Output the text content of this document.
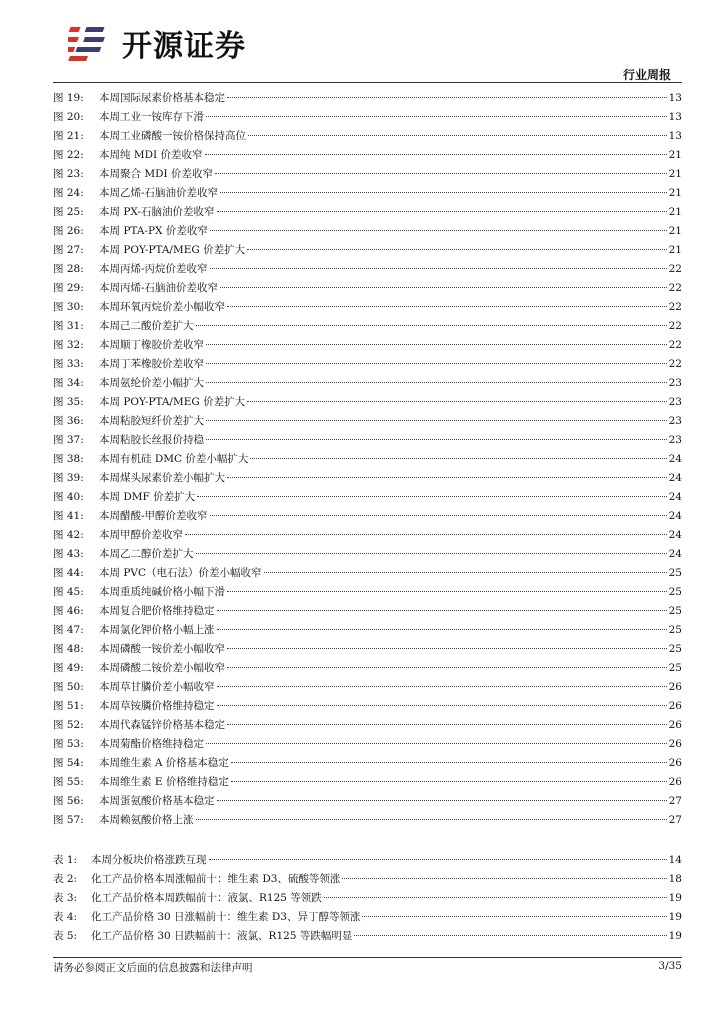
开源证券
行业周报
图 19:	本周国际尿素价格基本稳定	13
图 20:	本周工业一铵库存下滑	13
图 21:	本周工业磷酸一铵价格保持高位	13
图 22:	本周纯 MDI 价差收窄	21
图 23:	本周聚合 MDI 价差收窄	21
图 24:	本周乙烯-石脑油价差收窄	21
图 25:	本周 PX-石脑油价差收窄	21
图 26:	本周 PTA-PX 价差收窄	21
图 27:	本周 POY-PTA/MEG 价差扩大	21
图 28:	本周丙烯-丙烷价差收窄	22
图 29:	本周丙烯-石脑油价差收窄	22
图 30:	本周环氧丙烷价差小幅收窄	22
图 31:	本周己二酸价差扩大	22
图 32:	本周顺丁橡胶价差收窄	22
图 33:	本周丁苯橡胶价差收窄	22
图 34:	本周氨纶价差小幅扩大	23
图 35:	本周 POY-PTA/MEG 价差扩大	23
图 36:	本周粘胶短纤价差扩大	23
图 37:	本周粘胶长丝报价持稳	23
图 38:	本周有机硅 DMC 价差小幅扩大	24
图 39:	本周煤头尿素价差小幅扩大	24
图 40:	本周 DMF 价差扩大	24
图 41:	本周醋酸-甲醇价差收窄	24
图 42:	本周甲醇价差收窄	24
图 43:	本周乙二醇价差扩大	24
图 44:	本周 PVC（电石法）价差小幅收窄	25
图 45:	本周重质纯碱价格小幅下滑	25
图 46:	本周复合肥价格维持稳定	25
图 47:	本周氯化钾价格小幅上涨	25
图 48:	本周磷酸一铵价差小幅收窄	25
图 49:	本周磷酸二铵价差小幅收窄	25
图 50:	本周草甘膦价差小幅收窄	26
图 51:	本周草铵膦价格维持稳定	26
图 52:	本周代森锰锌价格基本稳定	26
图 53:	本周菊酯价格维持稳定	26
图 54:	本周维生素 A 价格基本稳定	26
图 55:	本周维生素 E 价格维持稳定	26
图 56:	本周蛋氨酸价格基本稳定	27
图 57:	本周赖氨酸价格上涨	27
表 1:	本周分板块价格涨跌互现	14
表 2:	化工产品价格本周涨幅前十：维生素 D3、硫酸等领涨	18
表 3:	化工产品价格本周跌幅前十：液氯、R125 等领跌	19
表 4:	化工产品价格 30 日涨幅前十：维生素 D3、异丁醇等领涨	19
表 5:	化工产品价格 30 日跌幅前十：液氯、R125 等跌幅明显	19
请务必参阅正文后面的信息披露和法律声明	3/35
